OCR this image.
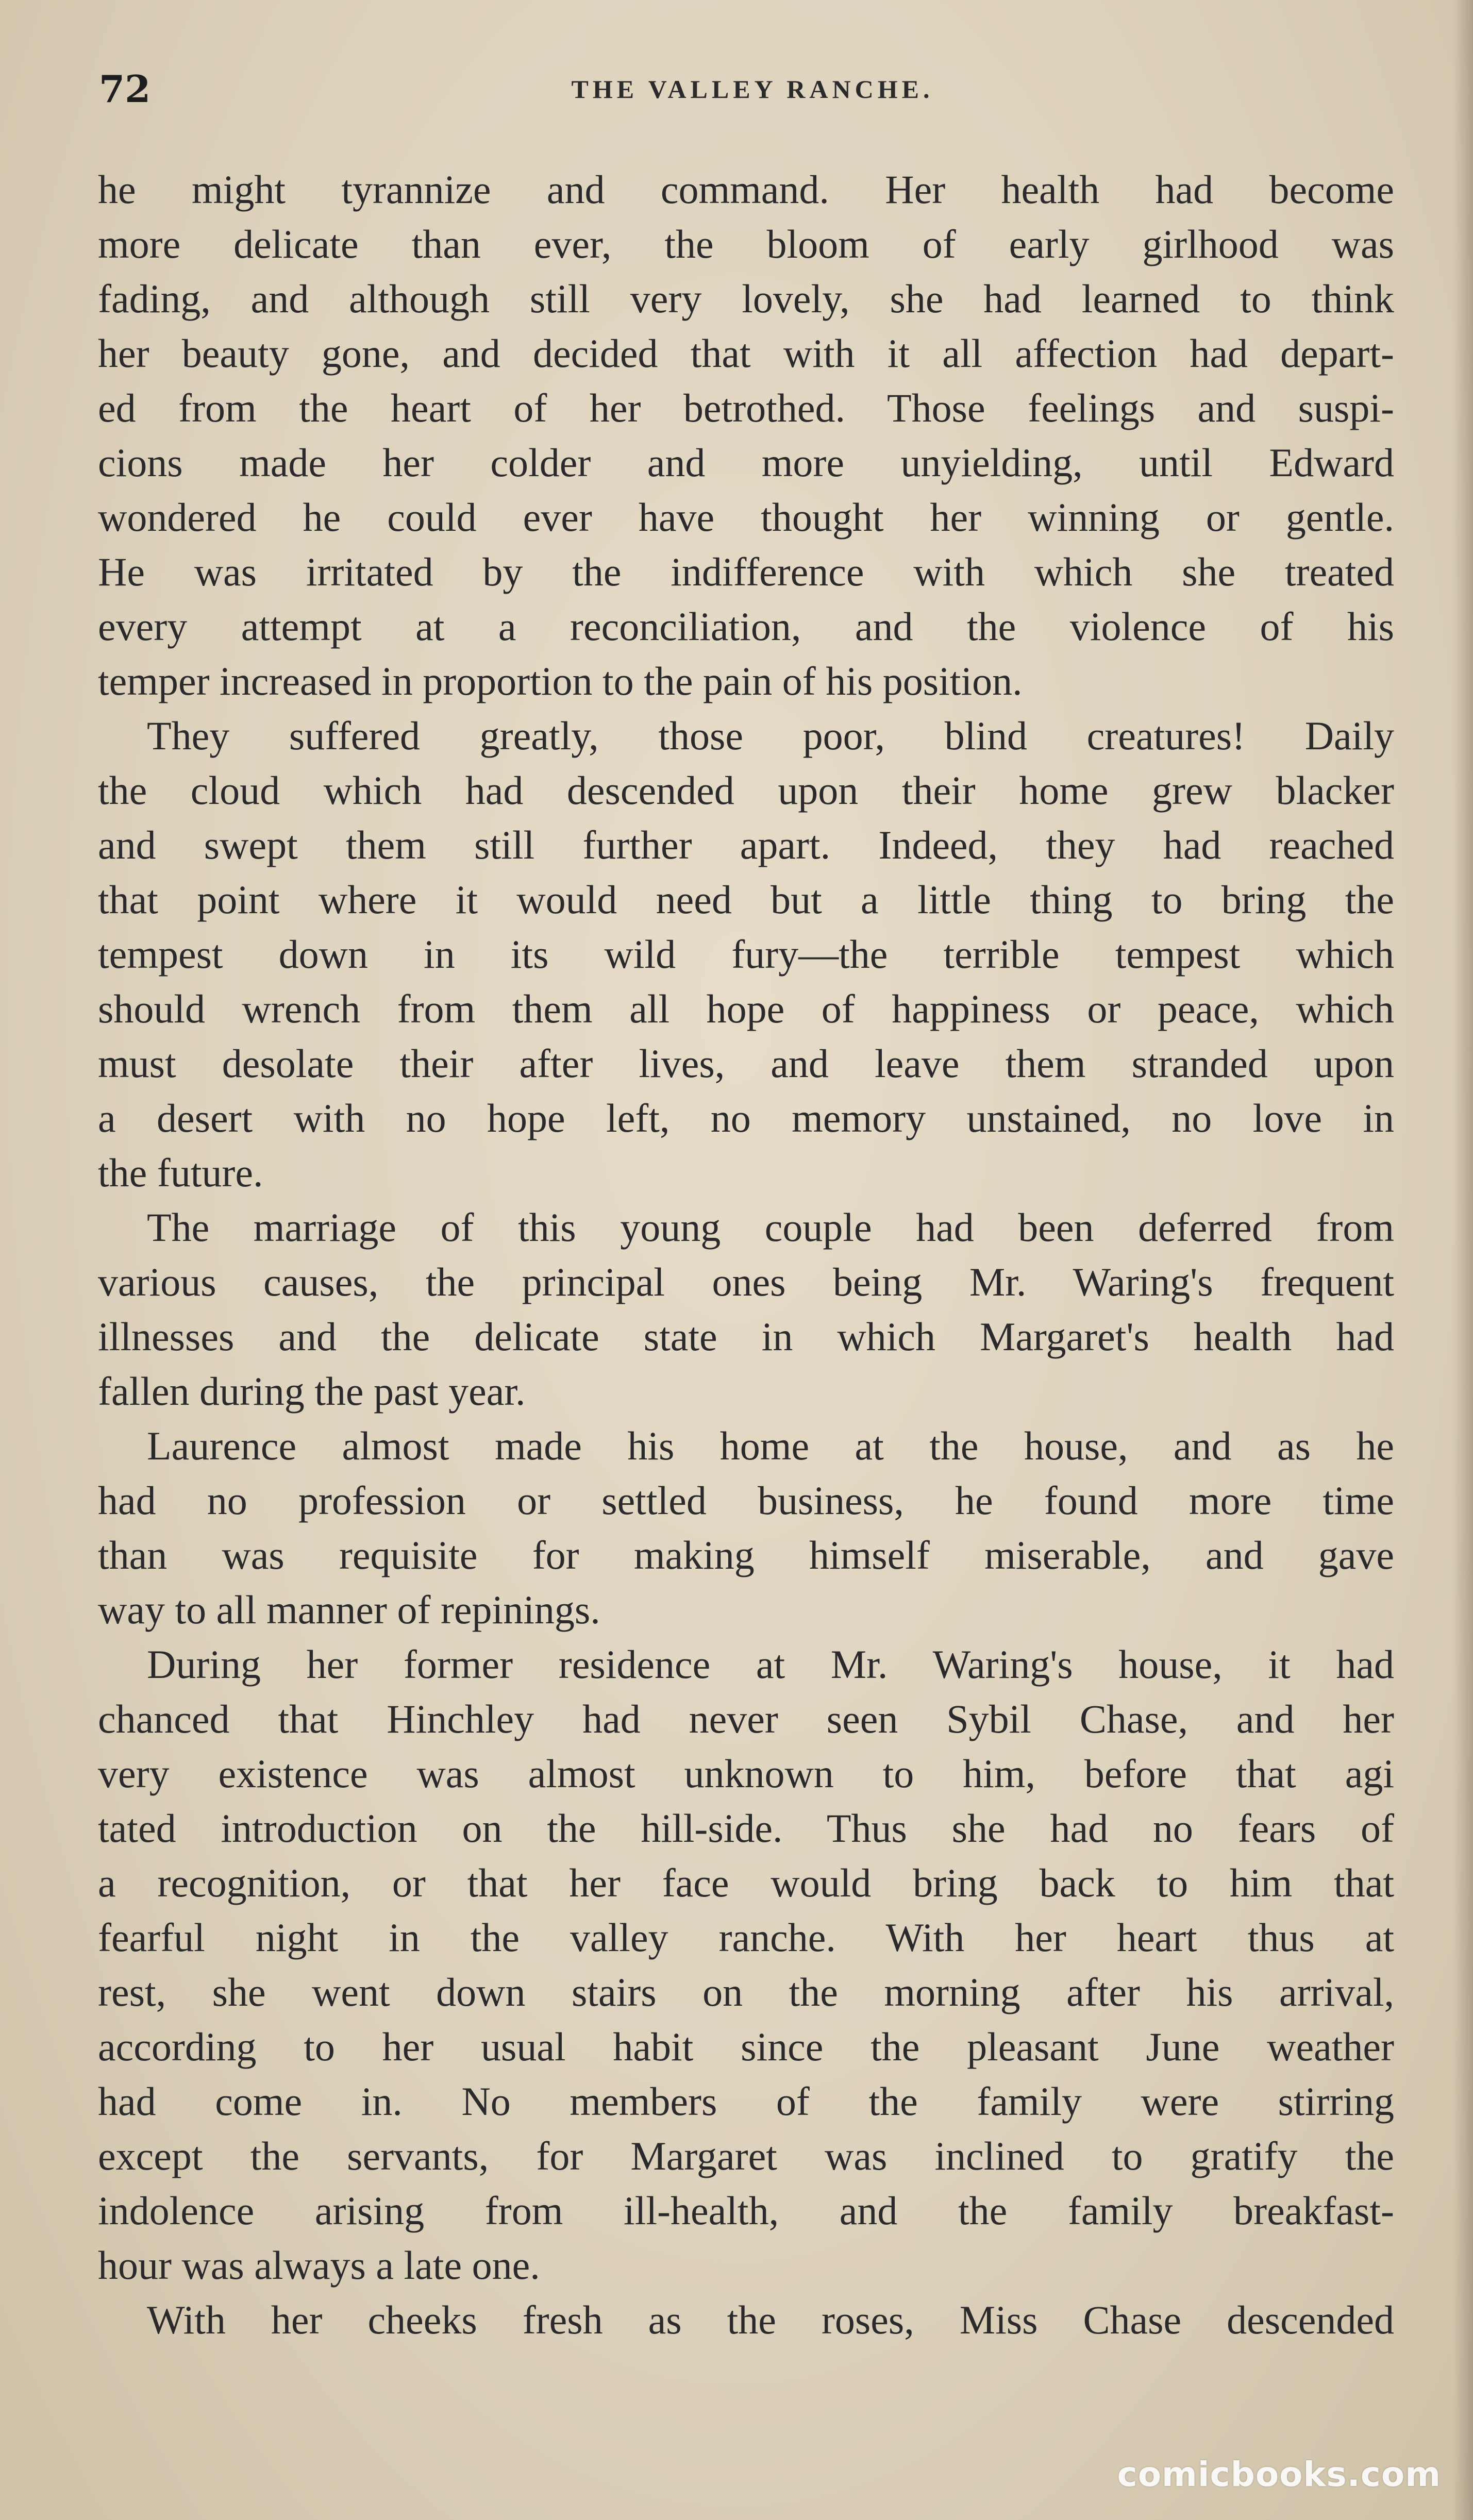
72	THE VALLEY RANCHE.
he might tyrannize and command. Her health had become
more delicate than ever, the bloom of early girlhood was
fading, and although still very lovely, she had learned to think
her beauty gone, and decided that with it all affection had depart-
ed from the heart of her betrothed. Those feelings and suspi-
cions made her colder and more unyielding, until Edward
wondered he could ever have thought her winning or gentle.
He was irritated by the indifference with which she treated
every attempt at a reconciliation, and the violence of his
temper increased in proportion to the pain of his position.
They suffered greatly, those poor, blind creatures! Daily
the cloud which had descended upon their home grew blacker
and swept them still further apart. Indeed, they had reached
that point where it would need but a little thing to bring the
tempest down in its wild fury—the terrible tempest which
should wrench from them all hope of happiness or peace, which
must desolate their after lives, and leave them stranded upon
a desert with no hope left, no memory unstained, no love in
the future.
The marriage of this young couple had been deferred from
various causes, the principal ones being Mr. Waring's frequent
illnesses and the delicate state in which Margaret's health had
fallen during the past year.
Laurence almost made his home at the house, and as he
had no profession or settled business, he found more time
than was requisite for making himself miserable, and gave
way to all manner of repinings.
During her former residence at Mr. Waring's house, it had
chanced that Hinchley had never seen Sybil Chase, and her
very existence was almost unknown to him, before that agi
tated introduction on the hill-side. Thus she had no fears of
a recognition, or that her face would bring back to him that
fearful night in the valley ranche. With her heart thus at
rest, she went down stairs on the morning after his arrival,
according to her usual habit since the pleasant June weather
had come in. No members of the family were stirring
except the servants, for Margaret was inclined to gratify the
indolence arising from ill-health, and the family breakfast-
hour was always a late one.
With her cheeks fresh as the roses, Miss Chase descended
comicbooks.com
